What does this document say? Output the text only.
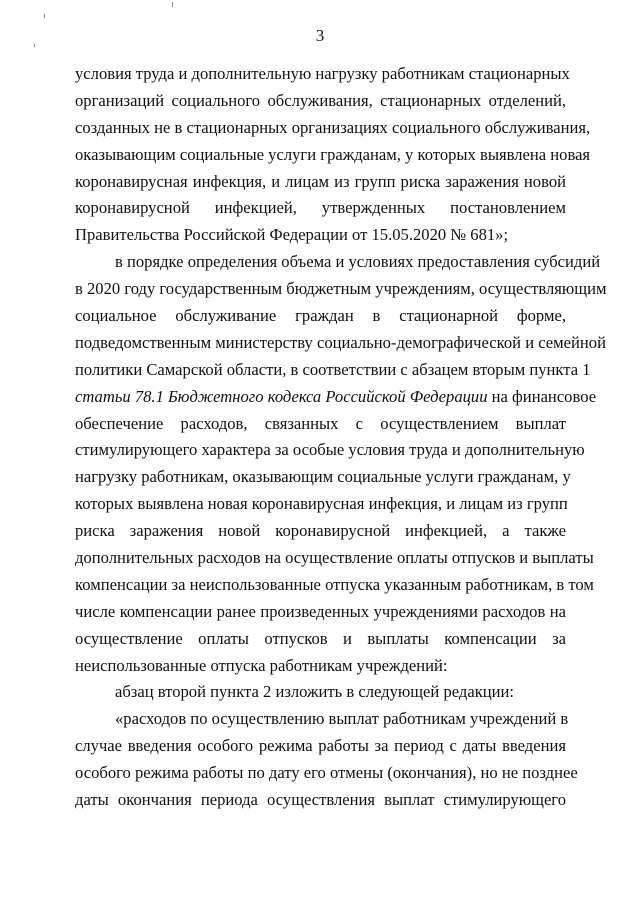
3
условия труда и дополнительную нагрузку работникам стационарных
организаций социального обслуживания, стационарных отделений,
созданных не в стационарных организациях социального обслуживания,
оказывающим социальные услуги гражданам, у которых выявлена новая
коронавирусная инфекция, и лицам из групп риска заражения новой
коронавирусной инфекцией, утвержденных постановлением
Правительства Российской Федерации от 15.05.2020 № 681»;
в порядке определения объема и условиях предоставления субсидий
в 2020 году государственным бюджетным учреждениям, осуществляющим
социальное обслуживание граждан в стационарной форме,
подведомственным министерству социально-демографической и семейной
политики Самарской области, в соответствии с абзацем вторым пункта 1
статьи 78.1 Бюджетного кодекса Российской Федерации на финансовое
обеспечение расходов, связанных с осуществлением выплат
стимулирующего характера за особые условия труда и дополнительную
нагрузку работникам, оказывающим социальные услуги гражданам, у
которых выявлена новая коронавирусная инфекция, и лицам из групп
риска заражения новой коронавирусной инфекцией, а также
дополнительных расходов на осуществление оплаты отпусков и выплаты
компенсации за неиспользованные отпуска указанным работникам, в том
числе компенсации ранее произведенных учреждениями расходов на
осуществление оплаты отпусков и выплаты компенсации за
неиспользованные отпуска работникам учреждений:
абзац второй пункта 2 изложить в следующей редакции:
«расходов по осуществлению выплат работникам учреждений в
случае введения особого режима работы за период с даты введения
особого режима работы по дату его отмены (окончания), но не позднее
даты окончания периода осуществления выплат стимулирующего
